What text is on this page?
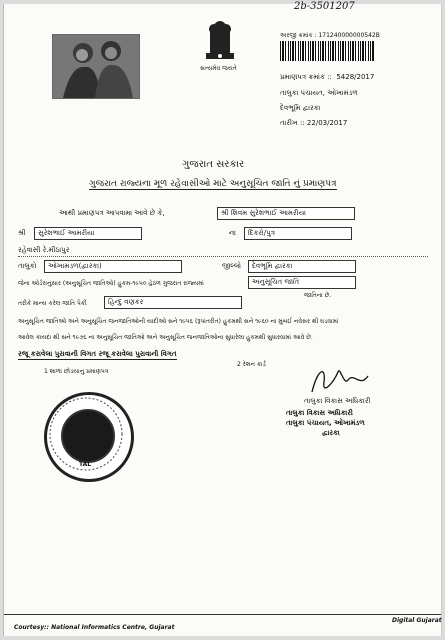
2b-3501207
સત્યમેવ જયતે
અરજી ક્રમાંક : 171240000000542B
પ્રમાણપત્ર ક્રમાંક :: 5428/2017
તાલુકા પંચાયત, ઓખામંડળ
દેવભૂમિ દ્વારકા
તારીખ :: 22/03/2017
ગુજરાત સરકાર
ગુજરાત રાજ્યના મૂળ રહેવાસીઓ માટે અનુસૂચિત જાતિ નું પ્રમાણપત્ર
આથી પ્રમાણપત્ર આપવામા આવે છે કે,	શ્રી શિવમ સુરેશભાઈ આમરીયા
શ્રી	સુરેશભાઈ આમરીયા	ના	દિકરો/પુત્ર
રહેવાસી રે.મીઠાપુર
તાલુકો	ઓખામંડળ(દ્વારકા)	જીલ્લો	દેવભૂમિ દ્વારકા
જેના ઓર્ડરાનુસાર (અનુસૂચિત જાતિઓ) હુકમ-૧૯૫૦ હેઠળ ગુજરાત રાજ્યમાં	અનુસૂચિત જાતિ
તરીકે માન્ય કરેલ જાતિ પૈકી	હિન્દુ વણકર
જાતિના છે.
અનુસૂચિત જાતિઓ અને અનુસૂચિત જનજાતિઓની યાદીઓ સને ૧૯૫૬ (રૂપાંતરીત) હુકમથી સને ૧૯૬૦ ના મુંબઈ નવેસર થી ઘડવામાં
આવેલ કાયદા થી સને ૧૯૭૬ ના અનુસૂચિત જાતિઓ અને અનુસૂચિત જનજાતિઓના સુધારેલા હુકમથી સુધારવામાં આવે છે.
રજૂ કરાવેલા પુરાવાની વિગત રજૂ કરાવેલા પુરાવાની વિગત
1 શાળા છોડયાનુ પ્રમાણપત્ર
2 રેશન કાર્ડ
TAL
તાલુકા વિકાસ અધિકારી
તાલુકા વિકાસ અધિકારી
તાલુકા પંચાયત, ઓખામંડળ
દ્વારકા
Courtesy:: National Informatics Centre, Gujarat
Digital Gujarat
